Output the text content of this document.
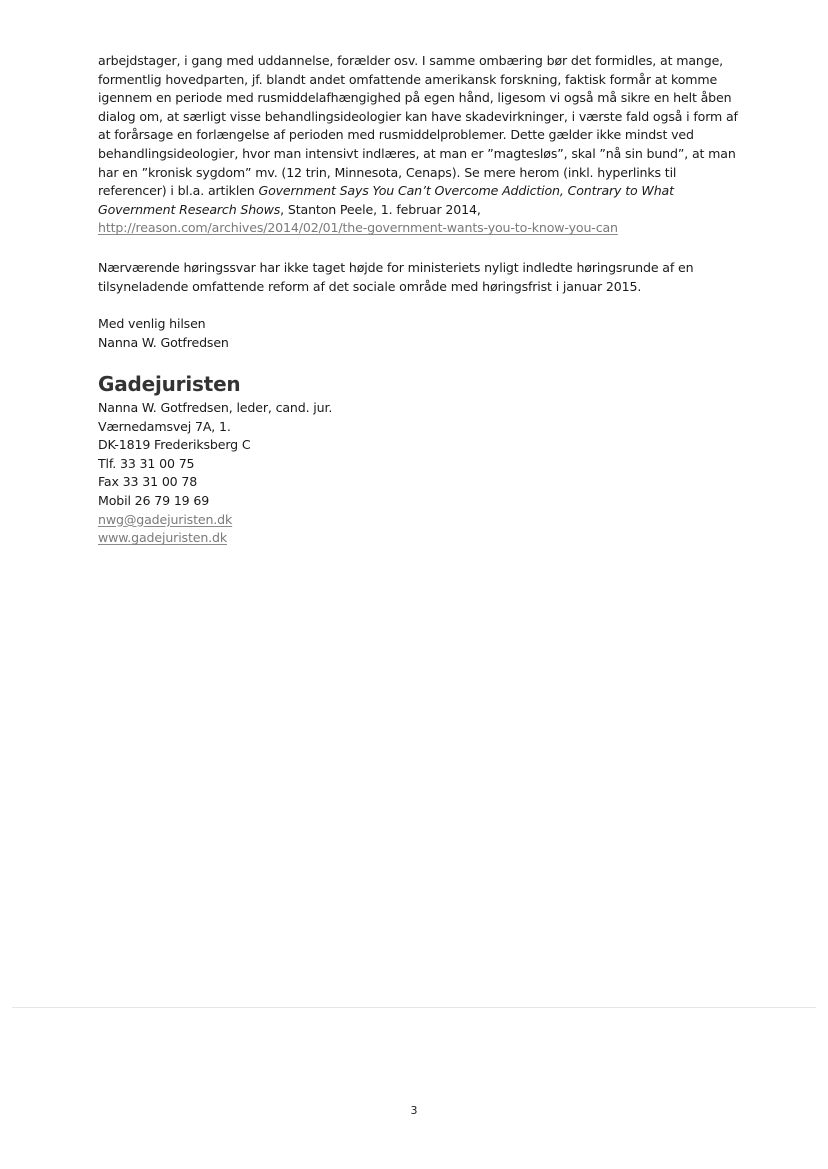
arbejdstager, i gang med uddannelse, forælder osv. I samme ombæring bør det formidles, at mange, formentlig hovedparten, jf. blandt andet omfattende amerikansk forskning, faktisk formår at komme igennem en periode med rusmiddelafhængighed på egen hånd, ligesom vi også må sikre en helt åben dialog om, at særligt visse behandlingsideologier kan have skadevirkninger, i værste fald også i form af at forårsage en forlængelse af perioden med rusmiddelproblemer. Dette gælder ikke mindst ved behandlingsideologier, hvor man intensivt indlæres, at man er ”magtesløs”, skal ”nå sin bund”, at man har en ”kronisk sygdom” mv. (12 trin, Minnesota, Cenaps). Se mere herom (inkl. hyperlinks til referencer) i bl.a. artiklen Government Says You Can’t Overcome Addiction, Contrary to What Government Research Shows, Stanton Peele, 1. februar 2014,
http://reason.com/archives/2014/02/01/the-government-wants-you-to-know-you-can

Nærværende høringssvar har ikke taget højde for ministeriets nyligt indledte høringsrunde af en tilsyneladende omfattende reform af det sociale område med høringsfrist i januar 2015.

Med venlig hilsen
Nanna W. Gotfredsen
Gadejuristen
Nanna W. Gotfredsen, leder, cand. jur.
Værnedamsvej 7A, 1.
DK-1819 Frederiksberg C
Tlf. 33 31 00 75
Fax 33 31 00 78
Mobil 26 79 19 69
nwg@gadejuristen.dk
www.gadejuristen.dk
3
